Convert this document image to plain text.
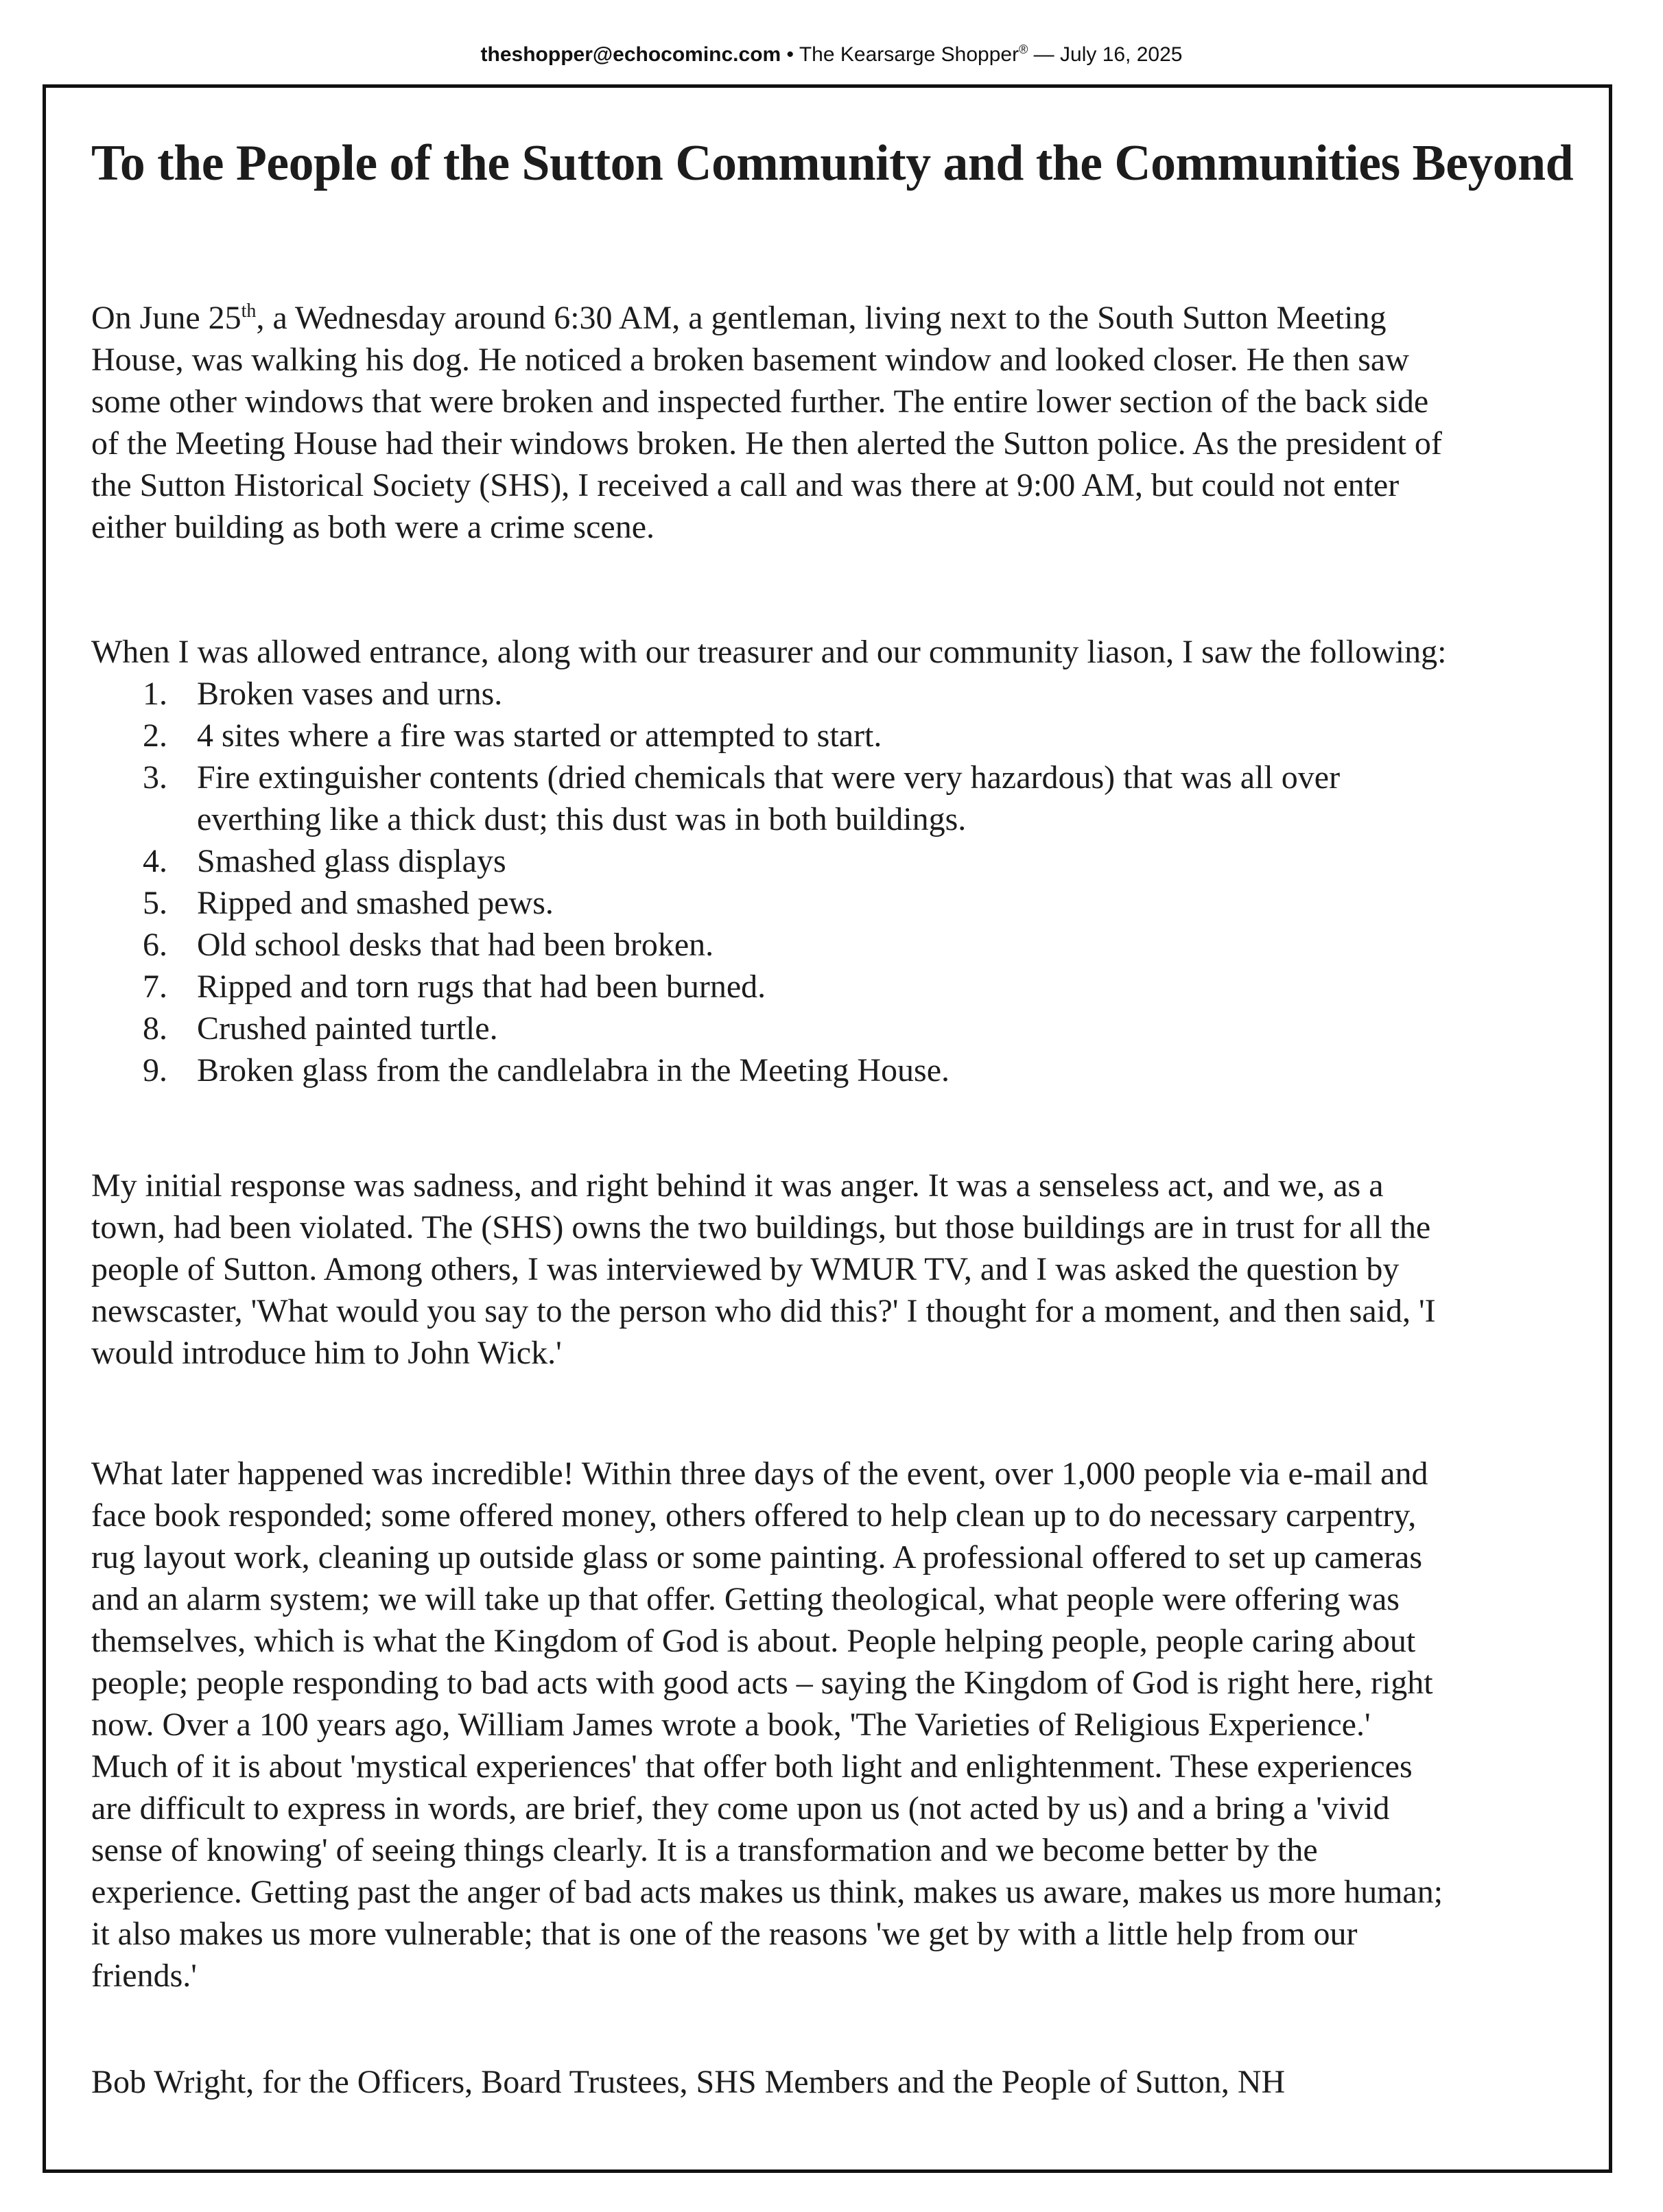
theshopper@echocominc.com • The Kearsarge Shopper® — July 16, 2025
To the People of the Sutton Community and the Communities Beyond
On June 25th, a Wednesday around 6:30 AM, a gentleman, living next to the South Sutton Meeting
House, was walking his dog. He noticed a broken basement window and looked closer. He then saw
some other windows that were broken and inspected further. The entire lower section of the back side
of the Meeting House had their windows broken. He then alerted the Sutton police. As the president of
the Sutton Historical Society (SHS), I received a call and was there at 9:00 AM, but could not enter
either building as both were a crime scene.
When I was allowed entrance, along with our treasurer and our community liason, I saw the following:
1. Broken vases and urns.
2. 4 sites where a fire was started or attempted to start.
3. Fire extinguisher contents (dried chemicals that were very hazardous) that was all over
everthing like a thick dust; this dust was in both buildings.
4. Smashed glass displays
5. Ripped and smashed pews.
6. Old school desks that had been broken.
7. Ripped and torn rugs that had been burned.
8. Crushed painted turtle.
9. Broken glass from the candlelabra in the Meeting House.
My initial response was sadness, and right behind it was anger. It was a senseless act, and we, as a
town, had been violated. The (SHS) owns the two buildings, but those buildings are in trust for all the
people of Sutton. Among others, I was interviewed by WMUR TV, and I was asked the question by
newscaster, 'What would you say to the person who did this?' I thought for a moment, and then said, 'I
would introduce him to John Wick.'
What later happened was incredible! Within three days of the event, over 1,000 people via e-mail and
face book responded; some offered money, others offered to help clean up to do necessary carpentry,
rug layout work, cleaning up outside glass or some painting. A professional offered to set up cameras
and an alarm system; we will take up that offer. Getting theological, what people were offering was
themselves, which is what the Kingdom of God is about. People helping people, people caring about
people; people responding to bad acts with good acts – saying the Kingdom of God is right here, right
now. Over a 100 years ago, William James wrote a book, 'The Varieties of Religious Experience.'
Much of it is about 'mystical experiences' that offer both light and enlightenment. These experiences
are difficult to express in words, are brief, they come upon us (not acted by us) and a bring a 'vivid
sense of knowing' of seeing things clearly. It is a transformation and we become better by the
experience. Getting past the anger of bad acts makes us think, makes us aware, makes us more human;
it also makes us more vulnerable; that is one of the reasons 'we get by with a little help from our
friends.'
Bob Wright, for the Officers, Board Trustees, SHS Members and the People of Sutton, NH
